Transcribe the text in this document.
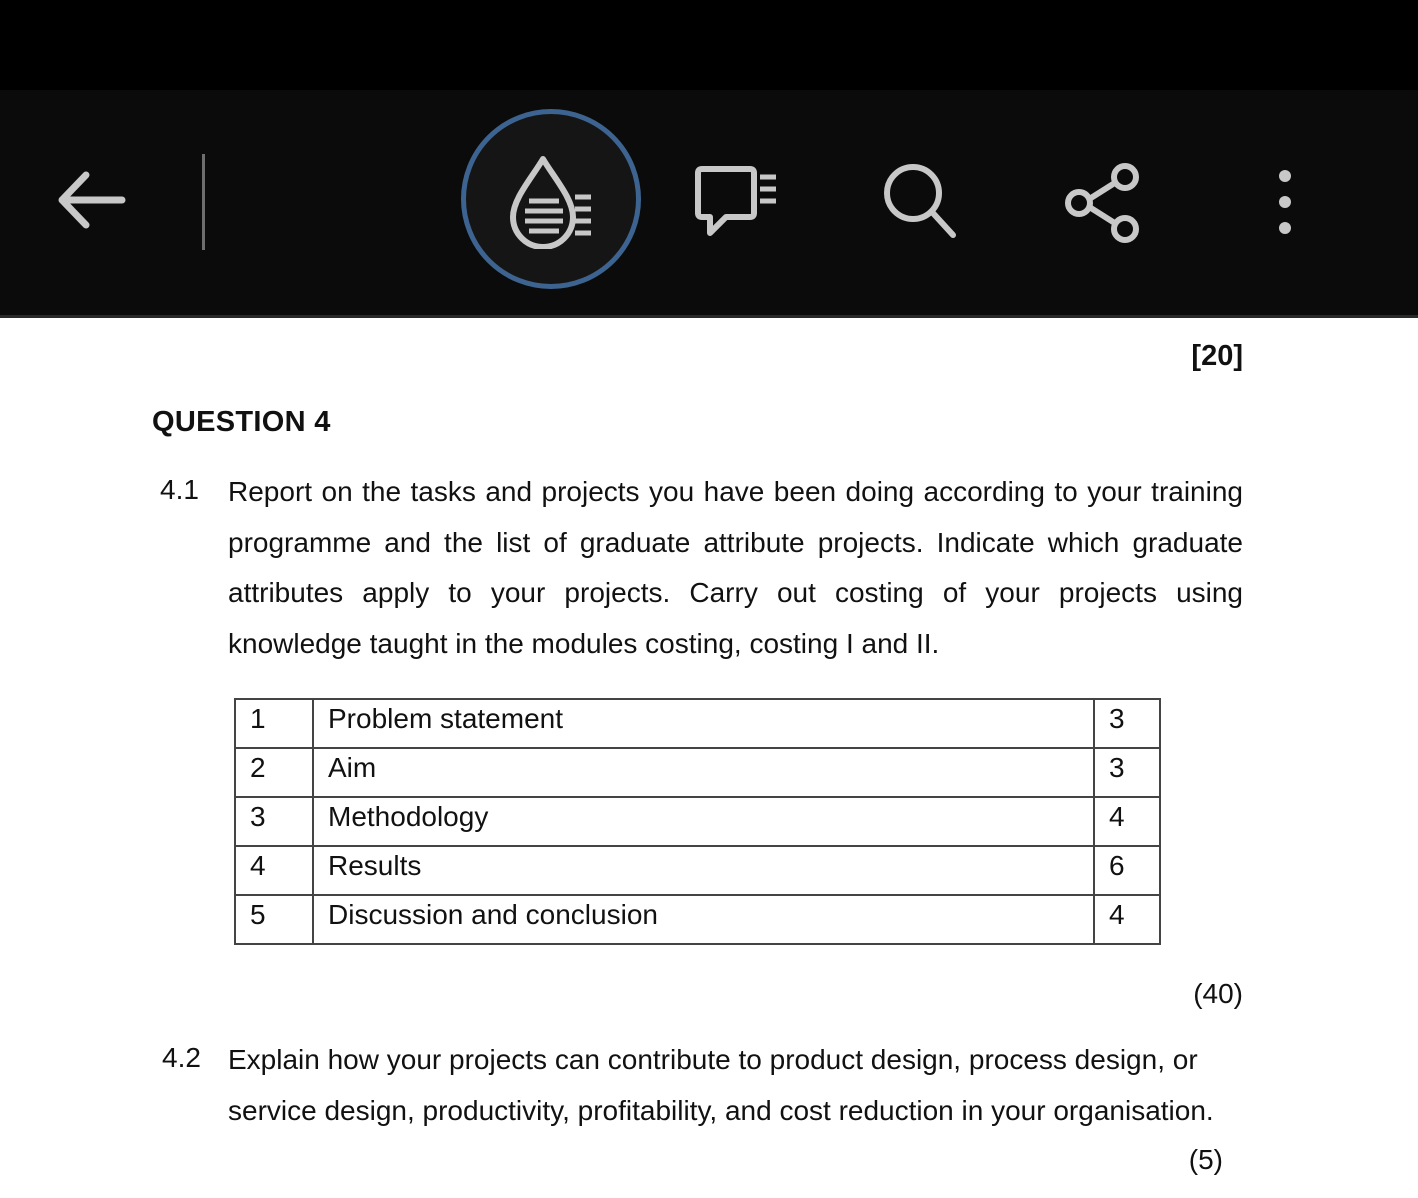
[20]
QUESTION 4
4.1 Report on the tasks and projects you have been doing according to your training programme and the list of graduate attribute projects. Indicate which graduate attributes apply to your projects. Carry out costing of your projects using knowledge taught in the modules costing, costing I and II.
1	Problem statement	3
2	Aim	3
3	Methodology	4
4	Results	6
5	Discussion and conclusion	4
(40)
4.2 Explain how your projects can contribute to product design, process design, or service design, productivity, profitability, and cost reduction in your organisation.
(5)
